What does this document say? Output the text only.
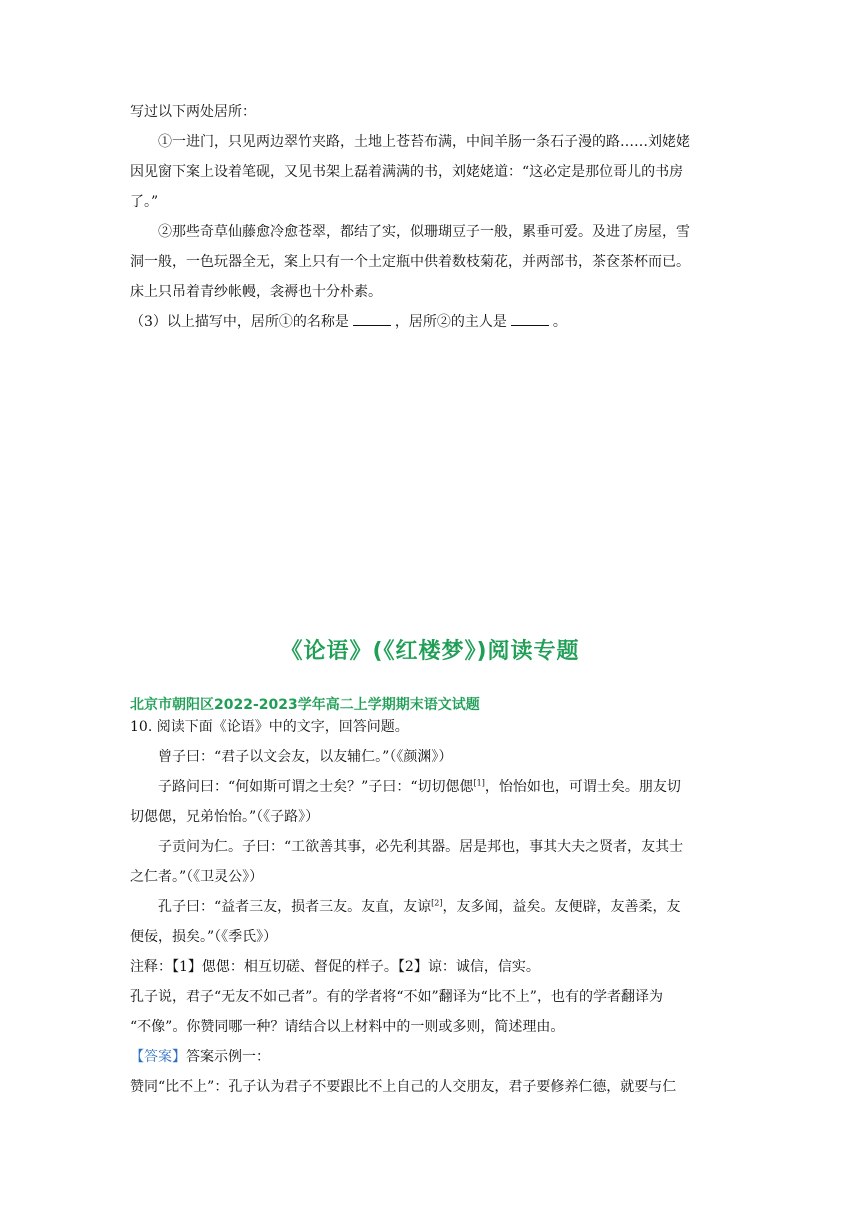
写过以下两处居所：

①一进门，只见两边翠竹夹路，土地上苍苔布满，中间羊肠一条石子漫的路……刘姥姥

因见窗下案上设着笔砚，又见书架上磊着满满的书，刘姥姥道：“这必定是那位哥儿的书房

了。”

②那些奇草仙藤愈冷愈苍翠，都结了实，似珊瑚豆子一般，累垂可爱。及进了房屋，雪

洞一般，一色玩器全无，案上只有一个土定瓶中供着数枝菊花，并两部书，茶奁茶杯而已。

床上只吊着青纱帐幔，衾褥也十分朴素。

（3）以上描写中，居所①的名称是	，居所②的主人是	。

《论语》(《红楼梦》)阅读专题
北京市朝阳区2022-2023学年高二上学期期末语文试题

10. 阅读下面《论语》中的文字，回答问题。

曾子曰：“君子以文会友，以友辅仁。”（《颜渊》）

子路问曰：“何如斯可谓之士矣？”子曰：“切切偲偲[1]，怡怡如也，可谓士矣。朋友切

切偲偲，兄弟怡怡。”（《子路》）

子贡问为仁。子曰：“工欲善其事，必先利其器。居是邦也，事其大夫之贤者，友其士

之仁者。”（《卫灵公》）

孔子曰：“益者三友，损者三友。友直，友谅[2]，友多闻，益矣。友便辟，友善柔，友

便佞，损矣。”（《季氏》）

注释：【1】偲偲：相互切磋、督促的样子。【2】谅：诚信，信实。

孔子说，君子“无友不如己者”。有的学者将“不如”翻译为“比不上”，也有的学者翻译为

“不像”。你赞同哪一种？请结合以上材料中的一则或多则，简述理由。

【答案】答案示例一：

赞同“比不上”：孔子认为君子不要跟比不上自己的人交朋友，君子要修养仁德，就要与仁
